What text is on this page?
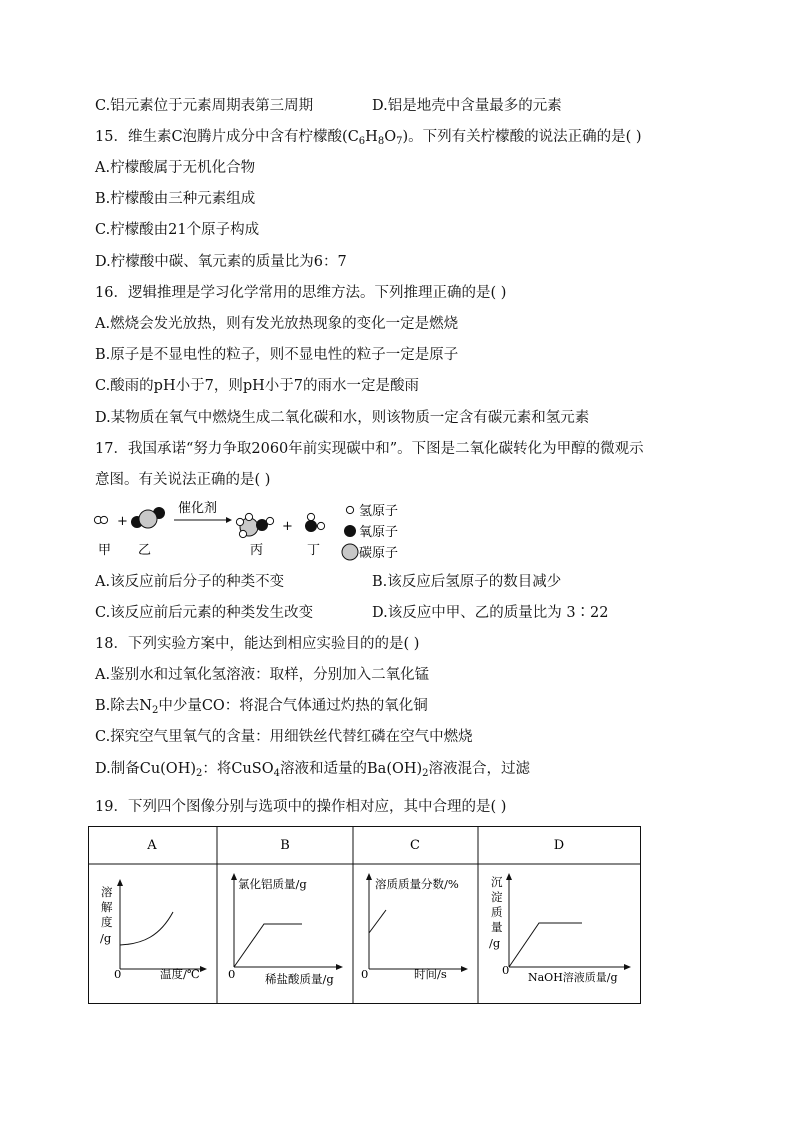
C.铝元素位于元素周期表第三周期	D.铝是地壳中含量最多的元素
15．维生素C泡腾片成分中含有柠檬酸$(C_6H_8O_7)$。下列有关柠檬酸的说法正确的是( )
A.柠檬酸属于无机化合物
B.柠檬酸由三种元素组成
C.柠檬酸由21个原子构成
D.柠檬酸中碳、氧元素的质量比为6：7
16．逻辑推理是学习化学常用的思维方法。下列推理正确的是( )
A.燃烧会发光放热，则有发光放热现象的变化一定是燃烧
B.原子是不显电性的粒子，则不显电性的粒子一定是原子
C.酸雨的pH小于7，则pH小于7的雨水一定是酸雨
D.某物质在氧气中燃烧生成二氧化碳和水，则该物质一定含有碳元素和氢元素
17．我国承诺“努力争取2060年前实现碳中和”。下图是二氧化碳转化为甲醇的微观示
意图。有关说法正确的是( )
+
催化剂
+
甲 乙	丙	丁
氢原子
氧原子
碳原子
A.该反应前后分子的种类不变	B.该反应后氢原子的数目减少
C.该反应前后元素的种类发生改变	D.该反应中甲、乙的质量比为 3∶22
18．下列实验方案中，能达到相应实验目的的是( )
A.鉴别水和过氧化氢溶液：取样，分别加入二氧化锰
B.除去$N_2$中少量CO：将混合气体通过灼热的氧化铜
C.探究空气里氧气的含量：用细铁丝代替红磷在空气中燃烧
D.制备$Cu(OH)_2$：将CuSO$_4$溶液和适量的$Ba(OH)_2$溶液混合，过滤
19．下列四个图像分别与选项中的操作相对应，其中合理的是( )
A	B	C	D
溶
解
度
/g
0	温度/℃
氯化铝质量/g
0	稀盐酸质量/g
溶质质量分数/%
0	时间/s
沉
淀
质
量
/g
0
NaOH溶液质量/g
